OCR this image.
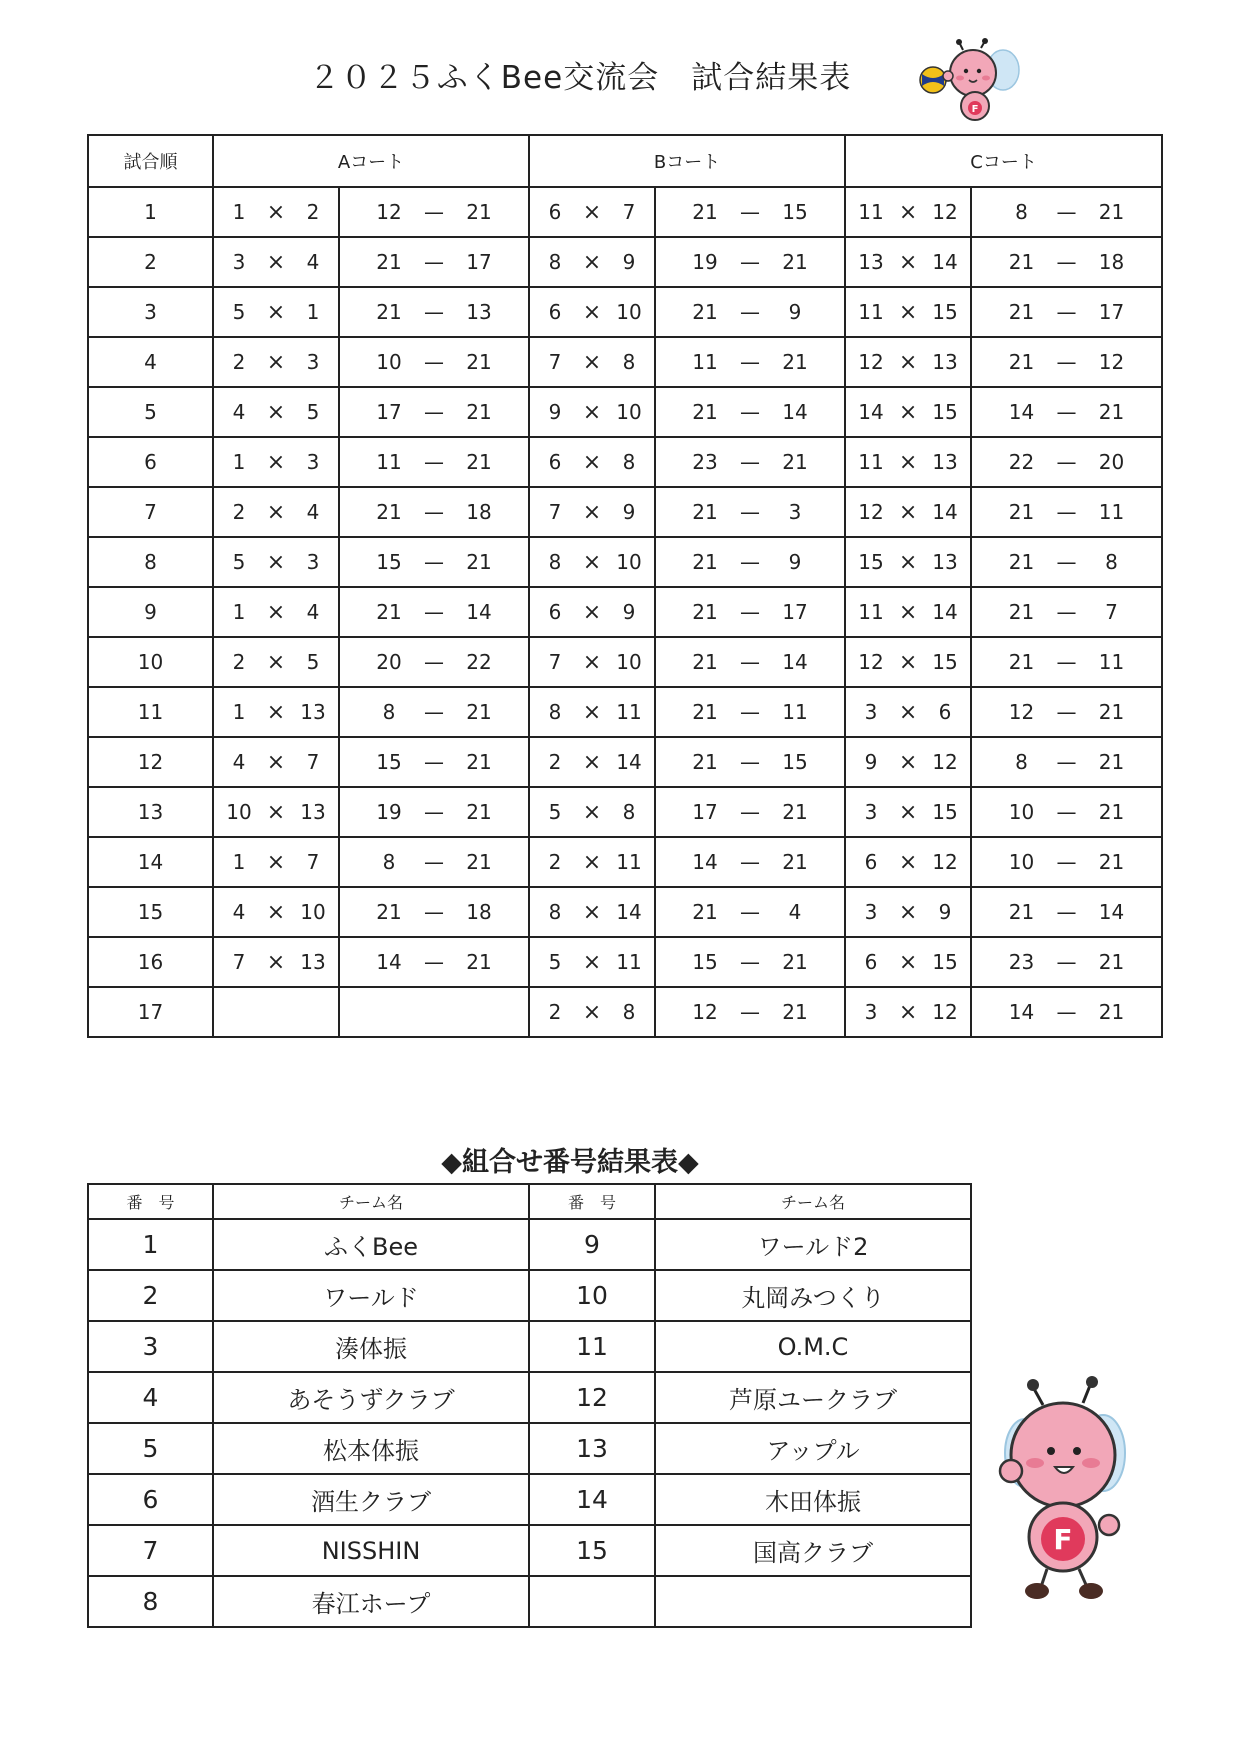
２０２５ふくBee交流会　試合結果表
F
試合順	Aコート		Bコート		Cコート	
1	1 × 2	12 — 21	6 × 7	21 — 15	11 × 12	8 — 21

2	3 × 4	21 — 17	8 × 9	19 — 21	13 × 14	21 — 18

3	5 × 1	21 — 13	6 × 10	21 — 9	11 × 15	21 — 17

4	2 × 3	10 — 21	7 × 8	11 — 21	12 × 13	21 — 12

5	4 × 5	17 — 21	9 × 10	21 — 14	14 × 15	14 — 21

6	1 × 3	11 — 21	6 × 8	23 — 21	11 × 13	22 — 20

7	2 × 4	21 — 18	7 × 9	21 — 3	12 × 14	21 — 11

8	5 × 3	15 — 21	8 × 10	21 — 9	15 × 13	21 — 8

9	1 × 4	21 — 14	6 × 9	21 — 17	11 × 14	21 — 7

10	2 × 5	20 — 22	7 × 10	21 — 14	12 × 15	21 — 11

11	1 × 13	8 — 21	8 × 11	21 — 11	3 × 6	12 — 21

12	4 × 7	15 — 21	2 × 14	21 — 15	9 × 12	8 — 21

13	10 × 13	19 — 21	5 × 8	17 — 21	3 × 15	10 — 21

14	1 × 7	8 — 21	2 × 11	14 — 21	6 × 12	10 — 21

15	4 × 10	21 — 18	8 × 14	21 — 4	3 × 9	21 — 14

16	7 × 13	14 — 21	5 × 11	15 — 21	6 × 15	23 — 21

17			2 × 8	12 — 21	3 × 12	14 — 21
◆組合せ番号結果表◆
番　号	チーム名	番　号	チーム名
1	ふくBee	9	ワールド2
2	ワールド	10	丸岡みつくり
3	湊体振	11	O.M.C
4	あそうずクラブ	12	芦原ユークラブ
5	松本体振	13	アップル
6	酒生クラブ	14	木田体振
7	NISSHIN	15	国高クラブ
8	春江ホープ		
F
